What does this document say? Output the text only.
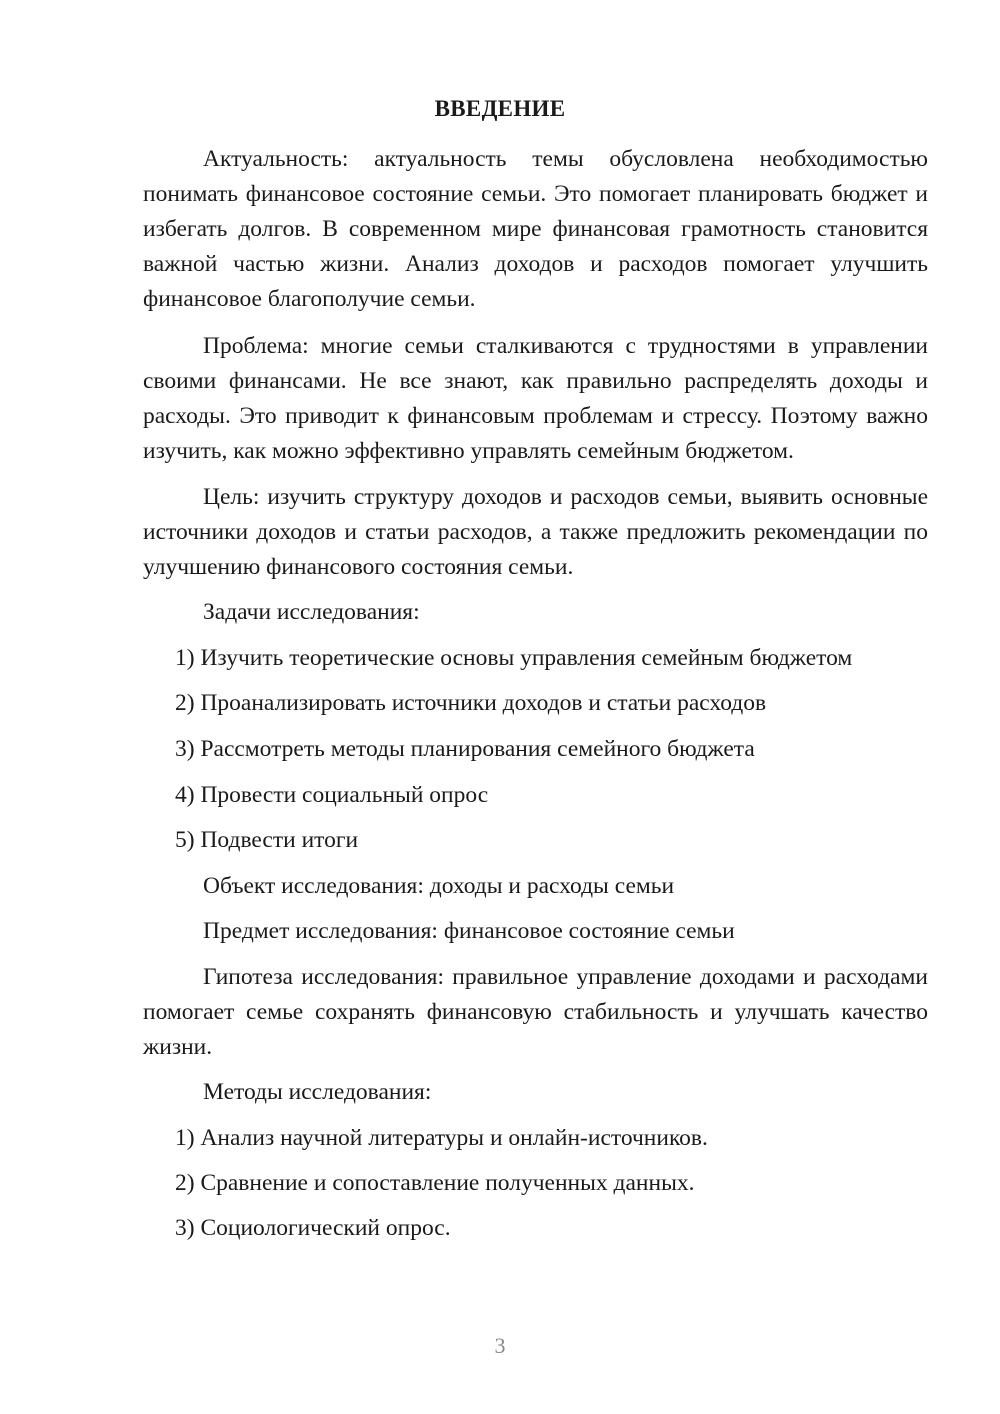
ВВЕДЕНИЕ

Актуальность: актуальность темы обусловлена необходимостью понимать финансовое состояние семьи. Это помогает планировать бюджет и избегать долгов. В современном мире финансовая грамотность становится важной частью жизни. Анализ доходов и расходов помогает улучшить финансовое благополучие семьи.

Проблема: многие семьи сталкиваются с трудностями в управлении своими финансами. Не все знают, как правильно распределять доходы и расходы. Это приводит к финансовым проблемам и стрессу. Поэтому важно изучить, как можно эффективно управлять семейным бюджетом.

Цель: изучить структуру доходов и расходов семьи, выявить основные источники доходов и статьи расходов, а также предложить рекомендации по улучшению финансового состояния семьи.

Задачи исследования:

1) Изучить теоретические основы управления семейным бюджетом

2) Проанализировать источники доходов и статьи расходов

3) Рассмотреть методы планирования семейного бюджета

4) Провести социальный опрос

5) Подвести итоги

Объект исследования: доходы и расходы семьи

Предмет исследования: финансовое состояние семьи

Гипотеза исследования: правильное управление доходами и расходами помогает семье сохранять финансовую стабильность и улучшать качество жизни.

Методы исследования:

1) Анализ научной литературы и онлайн-источников.

2) Сравнение и сопоставление полученных данных.

3) Социологический опрос.

3
